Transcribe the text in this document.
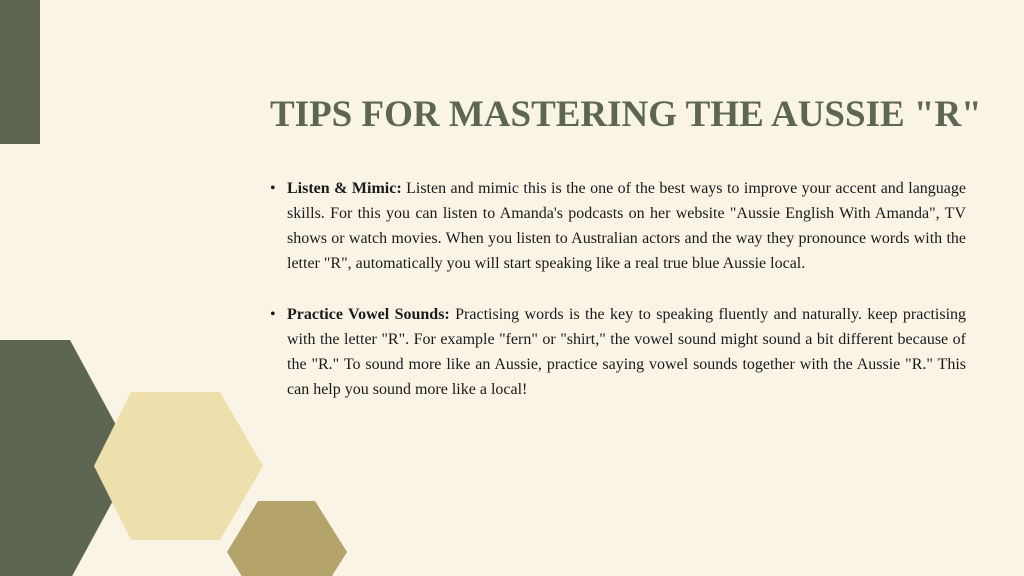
TIPS FOR MASTERING THE AUSSIE "R"
• Listen & Mimic: Listen and mimic this is the one of the best ways to improve your accent and language skills. For this you can listen to Amanda's podcasts on her website "Aussie English With Amanda", TV shows or watch movies. When you listen to Australian actors and the way they pronounce words with the letter "R", automatically you will start speaking like a real true blue Aussie local.
• Practice Vowel Sounds: Practising words is the key to speaking fluently and naturally. keep practising with the letter "R". For example "fern" or "shirt," the vowel sound might sound a bit different because of the "R." To sound more like an Aussie, practice saying vowel sounds together with the Aussie "R." This can help you sound more like a local!
